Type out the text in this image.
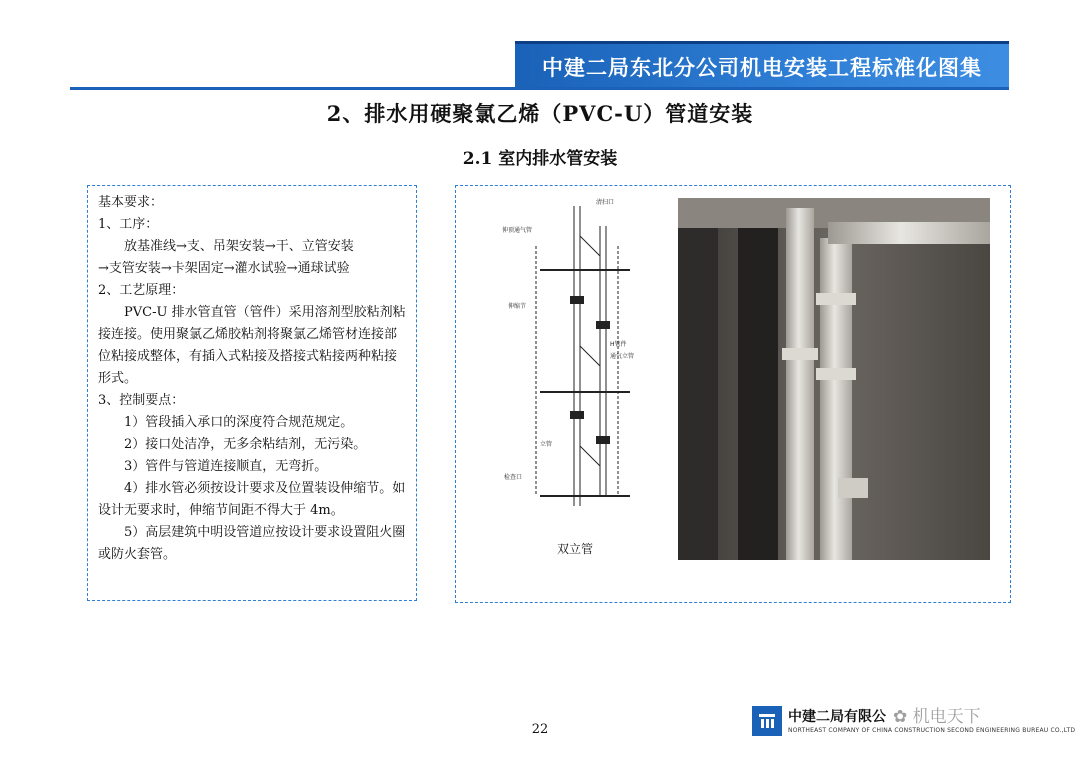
中建二局东北分公司机电安装工程标准化图集
2、排水用硬聚氯乙烯（PVC-U）管道安装
2.1 室内排水管安装

基本要求：

1、工序：

放基准线→支、吊架安装→干、立管安装

→支管安装→卡架固定→灌水试验→通球试验

2、工艺原理：

PVC-U 排水管直管（管件）采用溶剂型胶粘剂粘接连接。使用聚氯乙烯胶粘剂将聚氯乙烯管材连接部位粘接成整体，有插入式粘接及搭接式粘接两种粘接形式。

3、控制要点：

1）管段插入承口的深度符合规范规定。

2）接口处洁净，无多余粘结剂，无污染。

3）管件与管道连接顺直，无弯折。

4）排水管必须按设计要求及位置装设伸缩节。如设计无要求时，伸缩节间距不得大于 4m。

5）高层建筑中明设管道应按设计要求设置阻火圈或防火套管。

清扫口
伸顶通气管
伸缩节
H管件
通气立管
立管
检查口
双立管
22
中建二局有限公
NORTHEAST COMPANY OF CHINA CONSTRUCTION SECOND ENGINEERING BUREAU CO.,LTD
✿ 机电天下
